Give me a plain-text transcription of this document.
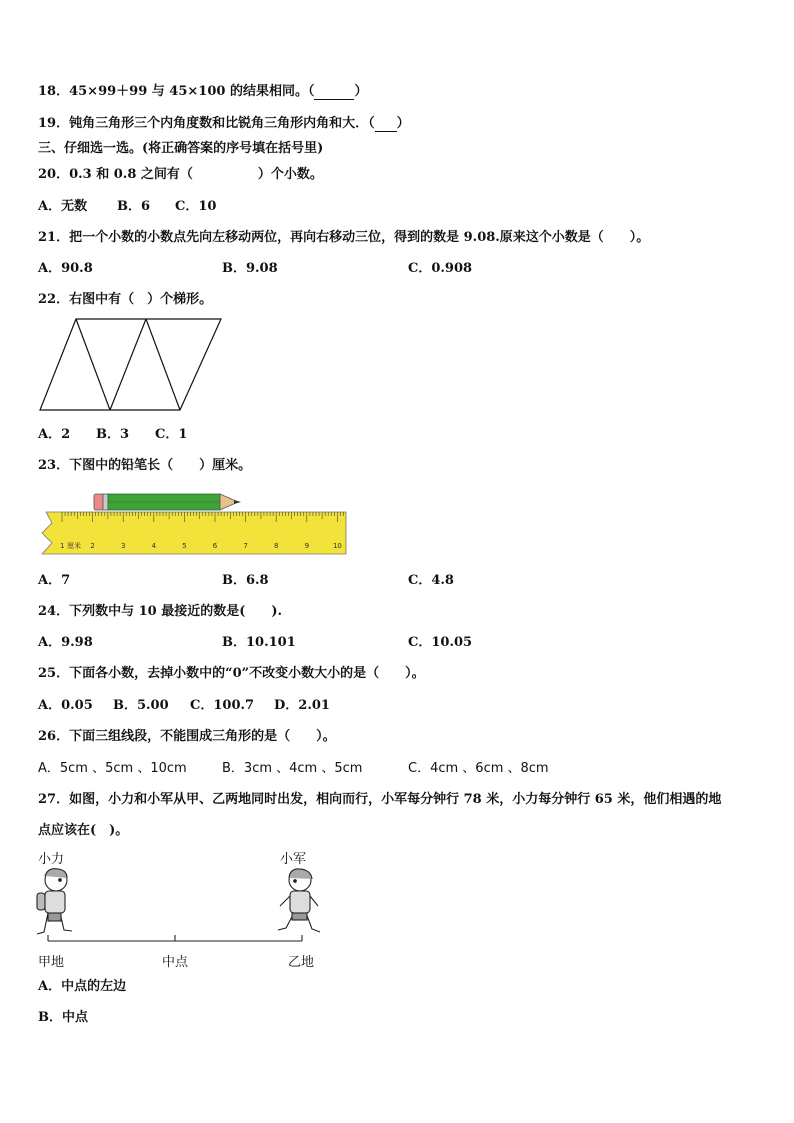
18．45×99＋99 与 45×100 的结果相同。（	）
19．钝角三角形三个内角度数和比锐角三角形内角和大．（ ）
三、仔细选一选。(将正确答案的序号填在括号里)
20．0.3 和 0.8 之间有（　　　　　）个小数。
A．无数 B．6 C．10
21．把一个小数的小数点先向左移动两位，再向右移动三位，得到的数是 9.08.原来这个小数是（　　）。
A．90.8	B．9.08	C．0.908
22．右图中有（　）个梯形。
A．2 B．3 C．1
23．下图中的铅笔长（　　）厘米。
1 厘米 2	3	4	5	6	7	8	9	10
A．7	B．6.8	C．4.8
24．下列数中与 10 最接近的数是(　　).
A．9.98	B．10.101	C．10.05
25．下面各小数，去掉小数中的“0”不改变小数大小的是（　　）。
A．0.05 B．5.00 C．100.7 D．2.01
26．下面三组线段，不能围成三角形的是（　　）。
A．5cm 、5cm 、10cm	B．3cm 、4cm 、5cm	C．4cm 、6cm 、8cm
27．如图，小力和小军从甲、乙两地同时出发，相向而行，小军每分钟行 78 米，小力每分钟行 65 米，他们相遇的地
点应该在(　)。
小力	小军
甲地	中点	乙地
A．中点的左边
B．中点
